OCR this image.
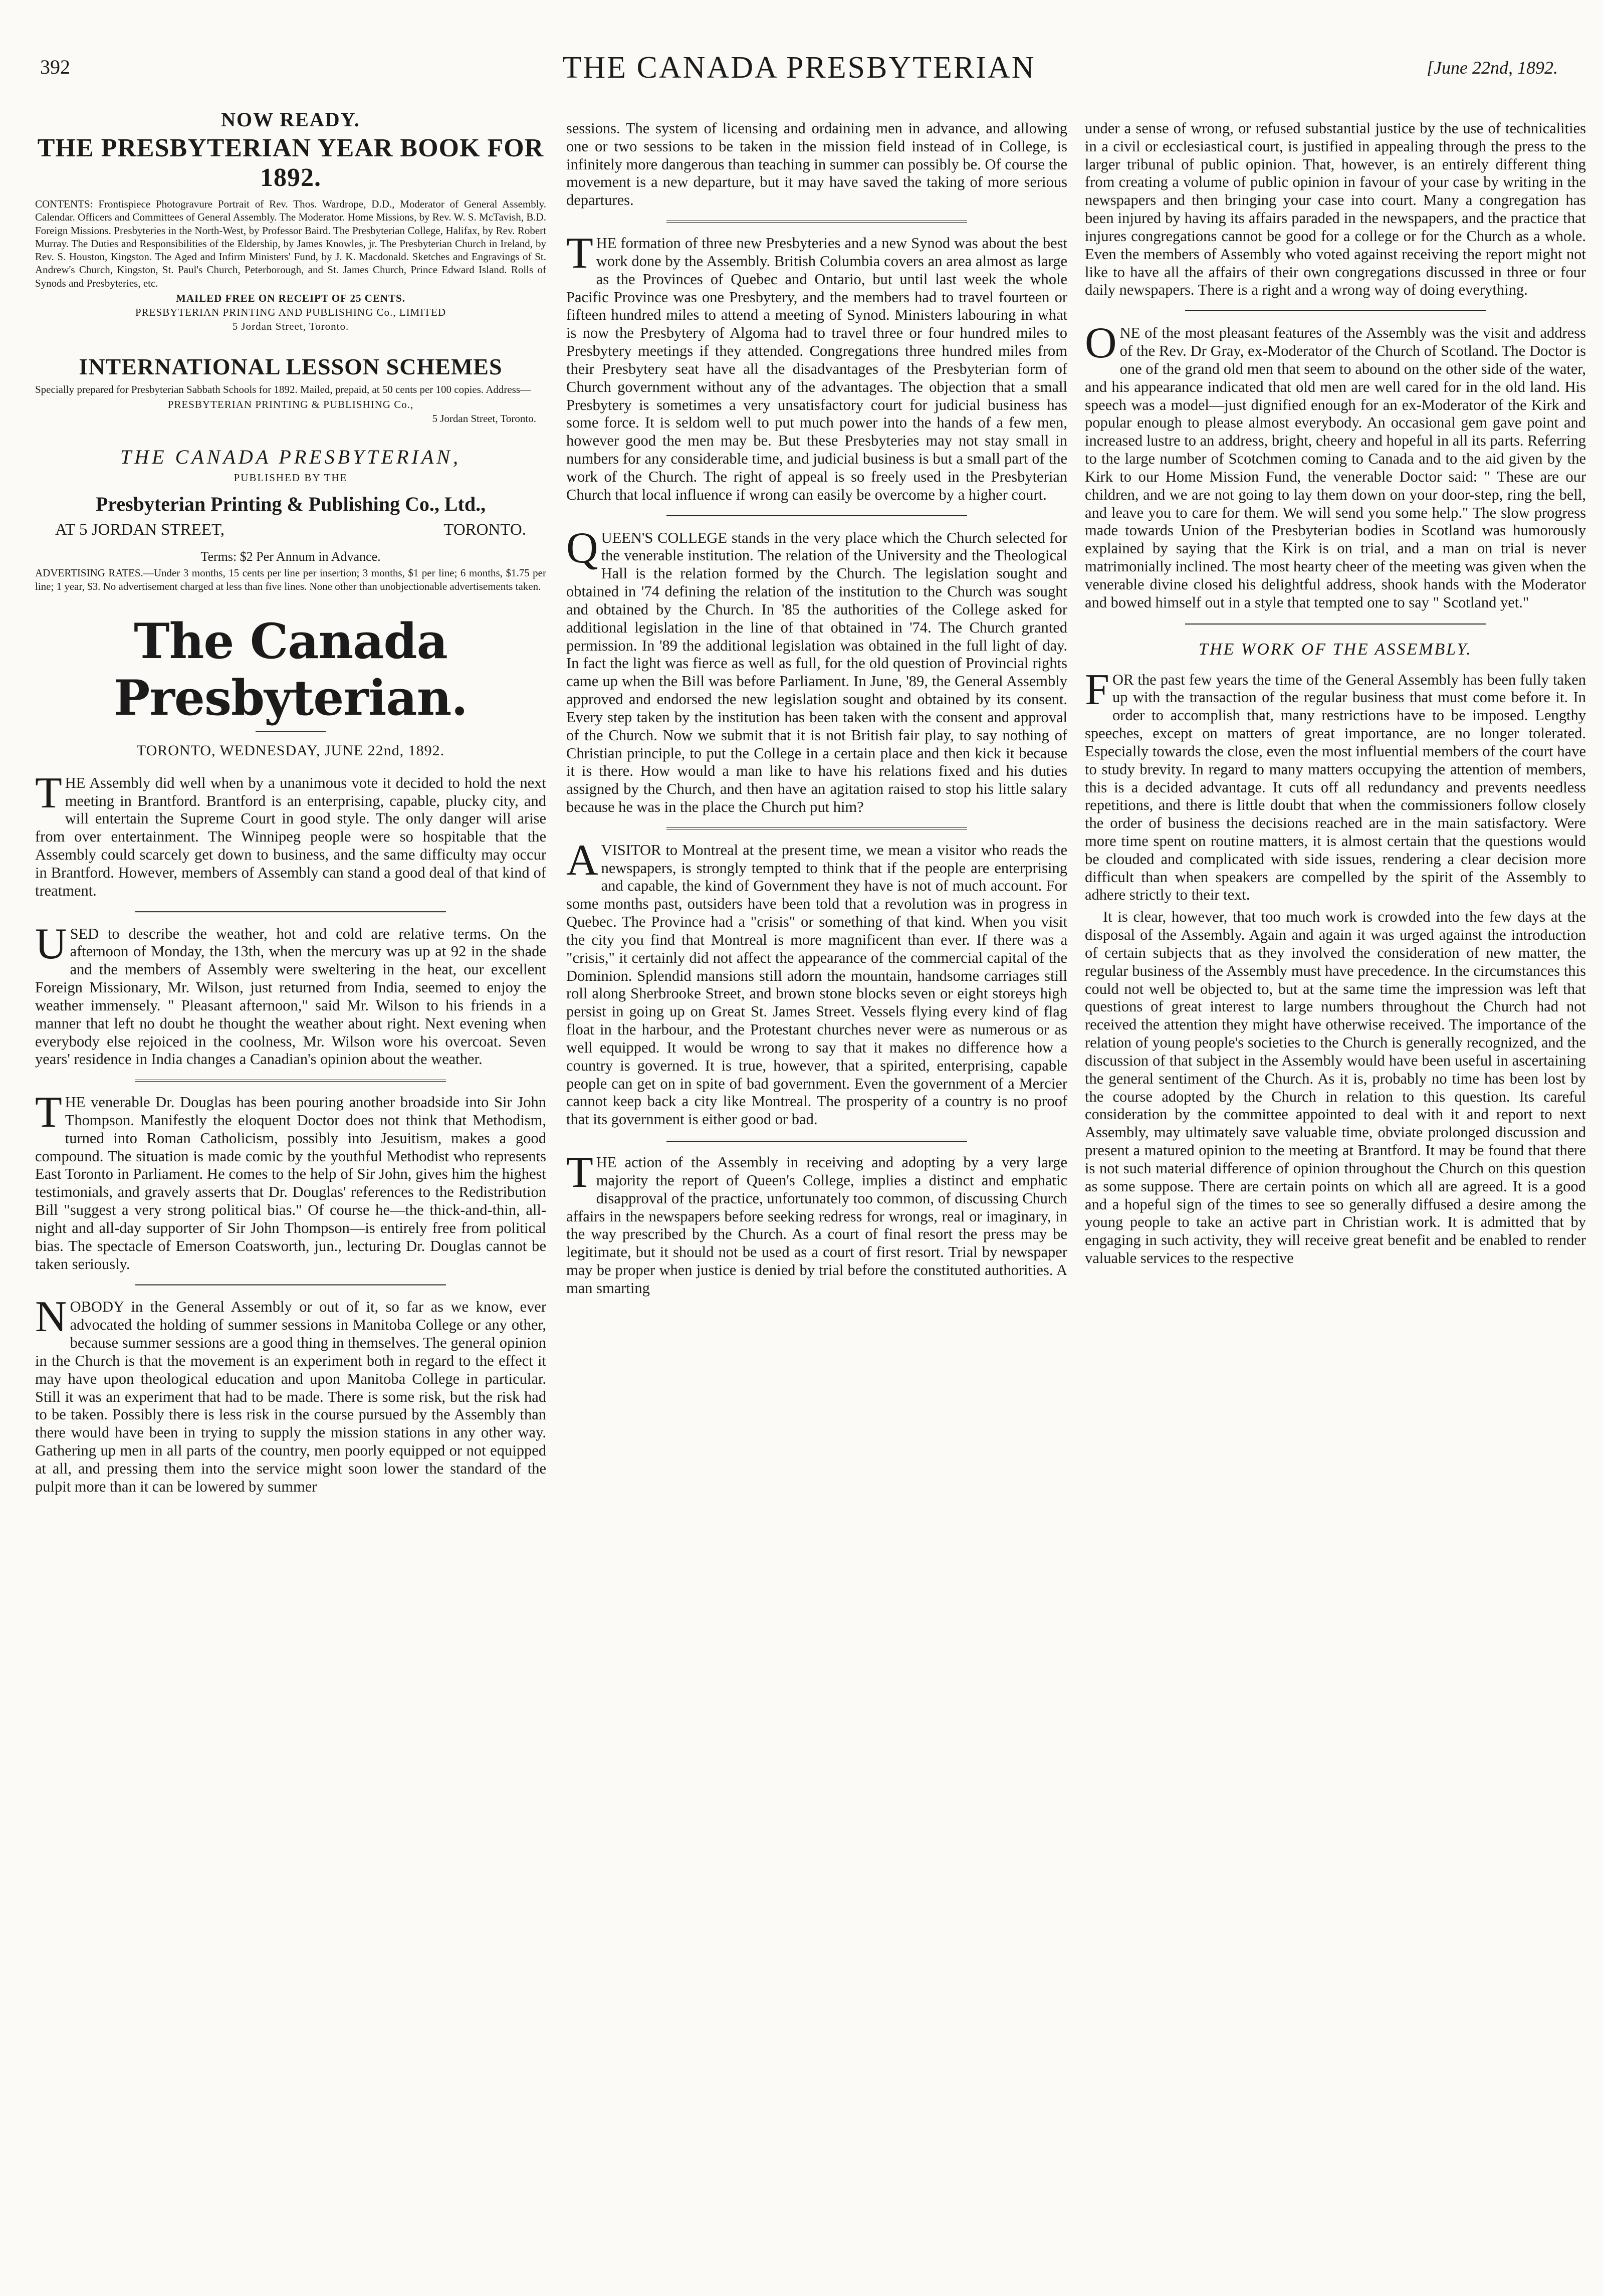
392	THE CANADA PRESBYTERIAN	[June 22nd, 1892.
NOW READY.
THE PRESBYTERIAN YEAR BOOK FOR 1892.
CONTENTS: Frontispiece Photogravure Portrait of Rev. Thos. Wardrope, D.D., Moderator of General Assembly. Calendar. Officers and Committees of General Assembly. The Moderator. Home Missions, by Rev. W. S. McTavish, B.D. Foreign Missions. Presbyteries in the North-West, by Professor Baird. The Presbyterian College, Halifax, by Rev. Robert Murray. The Duties and Responsibilities of the Eldership, by James Knowles, jr. The Presbyterian Church in Ireland, by Rev. S. Houston, Kingston. The Aged and Infirm Ministers' Fund, by J. K. Macdonald. Sketches and Engravings of St. Andrew's Church, Kingston, St. Paul's Church, Peterborough, and St. James Church, Prince Edward Island. Rolls of Synods and Presbyteries, etc.
MAILED FREE ON RECEIPT OF 25 CENTS.
PRESBYTERIAN PRINTING AND PUBLISHING Co., LIMITED
5 Jordan Street, Toronto.
INTERNATIONAL LESSON SCHEMES
Specially prepared for Presbyterian Sabbath Schools for 1892. Mailed, prepaid, at 50 cents per 100 copies. Address—
PRESBYTERIAN PRINTING & PUBLISHING Co.,
5 Jordan Street, Toronto.
THE CANADA PRESBYTERIAN,
PUBLISHED BY THE
Presbyterian Printing & Publishing Co., Ltd.,
AT 5 JORDAN STREET,	TORONTO.
Terms: $2 Per Annum in Advance.
ADVERTISING RATES.—Under 3 months, 15 cents per line per insertion; 3 months, $1 per line; 6 months, $1.75 per line; 1 year, $3. No advertisement charged at less than five lines. None other than unobjectionable advertisements taken.
The Canada Presbyterian.
TORONTO, WEDNESDAY, JUNE 22nd, 1892.

THE Assembly did well when by a unanimous vote it decided to hold the next meeting in Brantford. Brantford is an enterprising, capable, plucky city, and will entertain the Supreme Court in good style. The only danger will arise from over entertainment. The Winnipeg people were so hospitable that the Assembly could scarcely get down to business, and the same difficulty may occur in Brantford. However, members of Assembly can stand a good deal of that kind of treatment.

USED to describe the weather, hot and cold are relative terms. On the afternoon of Monday, the 13th, when the mercury was up at 92 in the shade and the members of Assembly were sweltering in the heat, our excellent Foreign Missionary, Mr. Wilson, just returned from India, seemed to enjoy the weather immensely. " Pleasant afternoon," said Mr. Wilson to his friends in a manner that left no doubt he thought the weather about right. Next evening when everybody else rejoiced in the coolness, Mr. Wilson wore his overcoat. Seven years' residence in India changes a Canadian's opinion about the weather.

THE venerable Dr. Douglas has been pouring another broadside into Sir John Thompson. Manifestly the eloquent Doctor does not think that Methodism, turned into Roman Catholicism, possibly into Jesuitism, makes a good compound. The situation is made comic by the youthful Methodist who represents East Toronto in Parliament. He comes to the help of Sir John, gives him the highest testimonials, and gravely asserts that Dr. Douglas' references to the Redistribution Bill "suggest a very strong political bias." Of course he—the thick-and-thin, all-night and all-day supporter of Sir John Thompson—is entirely free from political bias. The spectacle of Emerson Coatsworth, jun., lecturing Dr. Douglas cannot be taken seriously.

NOBODY in the General Assembly or out of it, so far as we know, ever advocated the holding of summer sessions in Manitoba College or any other, because summer sessions are a good thing in themselves. The general opinion in the Church is that the movement is an experiment both in regard to the effect it may have upon theological education and upon Manitoba College in particular. Still it was an experiment that had to be made. There is some risk, but the risk had to be taken. Possibly there is less risk in the course pursued by the Assembly than there would have been in trying to supply the mission stations in any other way. Gathering up men in all parts of the country, men poorly equipped or not equipped at all, and pressing them into the service might soon lower the standard of the pulpit more than it can be lowered by summer

sessions. The system of licensing and ordaining men in advance, and allowing one or two sessions to be taken in the mission field instead of in College, is infinitely more dangerous than teaching in summer can possibly be. Of course the movement is a new departure, but it may have saved the taking of more serious departures.

THE formation of three new Presbyteries and a new Synod was about the best work done by the Assembly. British Columbia covers an area almost as large as the Provinces of Quebec and Ontario, but until last week the whole Pacific Province was one Presbytery, and the members had to travel fourteen or fifteen hundred miles to attend a meeting of Synod. Ministers labouring in what is now the Presbytery of Algoma had to travel three or four hundred miles to Presbytery meetings if they attended. Congregations three hundred miles from their Presbytery seat have all the disadvantages of the Presbyterian form of Church government without any of the advantages. The objection that a small Presbytery is sometimes a very unsatisfactory court for judicial business has some force. It is seldom well to put much power into the hands of a few men, however good the men may be. But these Presbyteries may not stay small in numbers for any considerable time, and judicial business is but a small part of the work of the Church. The right of appeal is so freely used in the Presbyterian Church that local influence if wrong can easily be overcome by a higher court.

QUEEN'S COLLEGE stands in the very place which the Church selected for the venerable institution. The relation of the University and the Theological Hall is the relation formed by the Church. The legislation sought and obtained in '74 defining the relation of the institution to the Church was sought and obtained by the Church. In '85 the authorities of the College asked for additional legislation in the line of that obtained in '74. The Church granted permission. In '89 the additional legislation was obtained in the full light of day. In fact the light was fierce as well as full, for the old question of Provincial rights came up when the Bill was before Parliament. In June, '89, the General Assembly approved and endorsed the new legislation sought and obtained by its consent. Every step taken by the institution has been taken with the consent and approval of the Church. Now we submit that it is not British fair play, to say nothing of Christian principle, to put the College in a certain place and then kick it because it is there. How would a man like to have his relations fixed and his duties assigned by the Church, and then have an agitation raised to stop his little salary because he was in the place the Church put him?

AVISITOR to Montreal at the present time, we mean a visitor who reads the newspapers, is strongly tempted to think that if the people are enterprising and capable, the kind of Government they have is not of much account. For some months past, outsiders have been told that a revolution was in progress in Quebec. The Province had a "crisis" or something of that kind. When you visit the city you find that Montreal is more magnificent than ever. If there was a "crisis," it certainly did not affect the appearance of the commercial capital of the Dominion. Splendid mansions still adorn the mountain, handsome carriages still roll along Sherbrooke Street, and brown stone blocks seven or eight storeys high persist in going up on Great St. James Street. Vessels flying every kind of flag float in the harbour, and the Protestant churches never were as numerous or as well equipped. It would be wrong to say that it makes no difference how a country is governed. It is true, however, that a spirited, enterprising, capable people can get on in spite of bad government. Even the government of a Mercier cannot keep back a city like Montreal. The prosperity of a country is no proof that its government is either good or bad.

THE action of the Assembly in receiving and adopting by a very large majority the report of Queen's College, implies a distinct and emphatic disapproval of the practice, unfortunately too common, of discussing Church affairs in the newspapers before seeking redress for wrongs, real or imaginary, in the way prescribed by the Church. As a court of final resort the press may be legitimate, but it should not be used as a court of first resort. Trial by newspaper may be proper when justice is denied by trial before the constituted authorities. A man smarting

under a sense of wrong, or refused substantial justice by the use of technicalities in a civil or ecclesiastical court, is justified in appealing through the press to the larger tribunal of public opinion. That, however, is an entirely different thing from creating a volume of public opinion in favour of your case by writing in the newspapers and then bringing your case into court. Many a congregation has been injured by having its affairs paraded in the newspapers, and the practice that injures congregations cannot be good for a college or for the Church as a whole. Even the members of Assembly who voted against receiving the report might not like to have all the affairs of their own congregations discussed in three or four daily newspapers. There is a right and a wrong way of doing everything.

ONE of the most pleasant features of the Assembly was the visit and address of the Rev. Dr Gray, ex-Moderator of the Church of Scotland. The Doctor is one of the grand old men that seem to abound on the other side of the water, and his appearance indicated that old men are well cared for in the old land. His speech was a model—just dignified enough for an ex-Moderator of the Kirk and popular enough to please almost everybody. An occasional gem gave point and increased lustre to an address, bright, cheery and hopeful in all its parts. Referring to the large number of Scotchmen coming to Canada and to the aid given by the Kirk to our Home Mission Fund, the venerable Doctor said: " These are our children, and we are not going to lay them down on your door-step, ring the bell, and leave you to care for them. We will send you some help." The slow progress made towards Union of the Presbyterian bodies in Scotland was humorously explained by saying that the Kirk is on trial, and a man on trial is never matrimonially inclined. The most hearty cheer of the meeting was given when the venerable divine closed his delightful address, shook hands with the Moderator and bowed himself out in a style that tempted one to say " Scotland yet."

THE WORK OF THE ASSEMBLY.

FOR the past few years the time of the General Assembly has been fully taken up with the transaction of the regular business that must come before it. In order to accomplish that, many restrictions have to be imposed. Lengthy speeches, except on matters of great importance, are no longer tolerated. Especially towards the close, even the most influential members of the court have to study brevity. In regard to many matters occupying the attention of members, this is a decided advantage. It cuts off all redundancy and prevents needless repetitions, and there is little doubt that when the commissioners follow closely the order of business the decisions reached are in the main satisfactory. Were more time spent on routine matters, it is almost certain that the questions would be clouded and complicated with side issues, rendering a clear decision more difficult than when speakers are compelled by the spirit of the Assembly to adhere strictly to their text.

It is clear, however, that too much work is crowded into the few days at the disposal of the Assembly. Again and again it was urged against the introduction of certain subjects that as they involved the consideration of new matter, the regular business of the Assembly must have precedence. In the circumstances this could not well be objected to, but at the same time the impression was left that questions of great interest to large numbers throughout the Church had not received the attention they might have otherwise received. The importance of the relation of young people's societies to the Church is generally recognized, and the discussion of that subject in the Assembly would have been useful in ascertaining the general sentiment of the Church. As it is, probably no time has been lost by the course adopted by the Church in relation to this question. Its careful consideration by the committee appointed to deal with it and report to next Assembly, may ultimately save valuable time, obviate prolonged discussion and present a matured opinion to the meeting at Brantford. It may be found that there is not such material difference of opinion throughout the Church on this question as some suppose. There are certain points on which all are agreed. It is a good and a hopeful sign of the times to see so generally diffused a desire among the young people to take an active part in Christian work. It is admitted that by engaging in such activity, they will receive great benefit and be enabled to render valuable services to the respective
